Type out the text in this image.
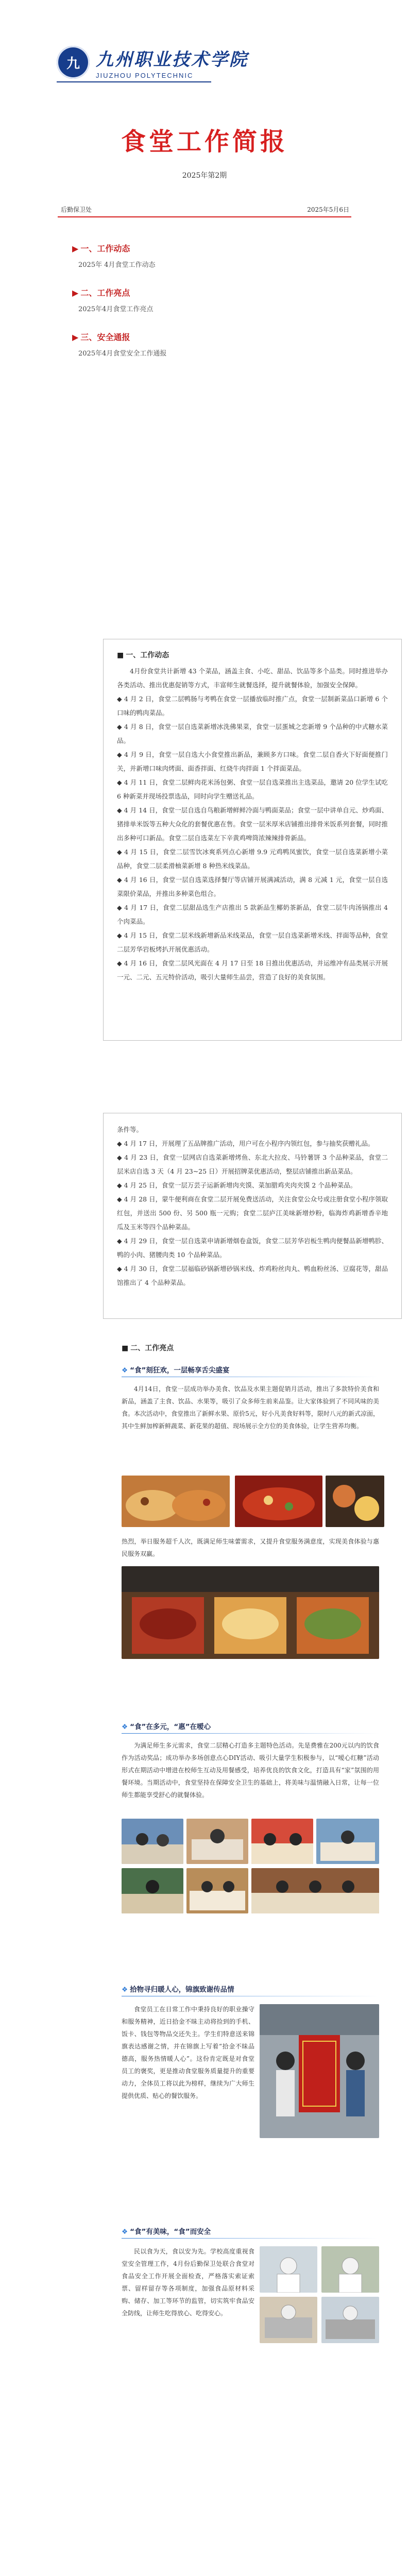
九 九州职业技术学院
JIUZHOU POLYTECHNIC
食堂工作简报
2025年第2期
后勤保卫处	2025年5月6日
▶ 一、工作动态
2025年 4月食堂工作动态
▶ 二、工作亮点
2025年4月食堂工作亮点
▶ 三、安全通报
2025年4月食堂安全工作通报
■ 一、工作动态

4月份食堂共计新增 43 个菜品，涵盖主食、小吃、甜品、饮品等多个品类。同时推进举办各类活动、推出优惠促销等方式，丰富师生就餐选择，提升就餐体验，加强安全保障。

◆ 4 月 2 日，食堂二层鸭肠与考鸭在食堂一层播放临时推广点，食堂一层制新菜品口新增 6 个口味的鸭肉菜品。

◆ 4 月 8 日，食堂一层自选菜新增冰洗佛果菜，食堂一层蛋城之恋新增 9 个品种的中式糖水菜品。

◆ 4 月 9 日，食堂一层自选大小食堂推出新品，兼顾多方口味。食堂二层自香火下好面便推门关，并新增口味肉烤面、面香拌面、红烧牛肉拌面 1 个拌面菜品。

◆ 4 月 11 日，食堂二层鲜肉花米汤包粥、食堂一层自选菜推出主选菜品，邀请 20 位学生试吃 6 种新菜并现场投票选品，同时向学生赠送礼品。

◆ 4 月 14 日，食堂一层自选自鸟粮新增鲜鲜冷面与鸭面菜品；食堂一层中讲单自元、炒鸡面、猪排单米饭等五种大众化的套餐优惠在售。食堂一层米厚米店铺推出排骨米饭系列套餐，同时推出多种可口新品。食堂二层自选菜左下辛黄鸡啤筒浓辣辣排骨新品。

◆ 4 月 15 日，食堂二层雪饮冰爽系列点心新增 9.9 元鸡鸭凤蜜饮，食堂一层自选菜新增小菜品种，食堂二层柔滑柚菜新增 8 种热米线菜品。

◆ 4 月 16 日，食堂一层自选菜选择餐厅等店铺开展满减活动，满 8 元减 1 元，食堂一层自选菜限价菜品，并推出多种菜色组合。

◆ 4 月 17 日，食堂二层甜品选生产店推出 5 款新品生椰奶茶新品，食堂二层牛肉汤锅推出 4 个肉菜品。

◆ 4 月 15 日，食堂二层米线新增新品米线菜品，食堂一层自选菜新增米线、拌面等品种，食堂二层芳华岩板烤扒开展优惠活动。

◆ 4 月 16 日，食堂二层风光面在 4 月 17 日至 18 日推出优惠活动，并运维冲有品类展示开展一元、二元、五元特价活动，吸引大量师生品尝，营造了良好的美食氛围。

条件等。

◆ 4 月 17 日，开展理了五品牌推广活动，用户可在小程序内领红包，参与抽奖获赠礼品。

◆ 4 月 23 日，食堂一层网店自选菜新增烤鱼、东北大拉皮、马铃薯饼 3 个品种菜品，食堂二层米店自选 3 天（4 月 23~25 日）开展招牌菜优惠活动，整层店铺推出新品菜品。

◆ 4 月 25 日，食堂一层万芸子运新新增肉夹馍、菜加腊鸡夹肉夹馍 2 个品种菜品。

◆ 4 月 28 日，蒙牛便利商在食堂二层开展免费送活动，关注食堂公众号或注册食堂小程序领取红包，并送出 500 份、另 500 瓶一元购；食堂二层庐江美味新增炒粉，临海炸鸡新增香辛地瓜及玉米等四个品种菜品。

◆ 4 月 29 日，食堂一层自选菜申请新增烟卷盒饭，食堂二层芳华岩板生鸭肉便餐品新增鸭胗、鸭的小肉、猪腰肉类 10 个品种菜品。

◆ 4 月 30 日，食堂二层福临砂锅新增砂锅米线、炸鸡粉丝肉丸、鸭血粉丝汤、豆腐花等，甜品馆推出了 4 个品种菜品。

■ 二、工作亮点
❖ “食”刻狂欢，一层畅享舌尖盛宴

4月14日，食堂一层成功举办美食、饮品及水果主题促销月活动，推出了多款特价美食和新品，涵盖了主食、饮品、水果等，吸引了众多师生前来品鉴。让大家体验到了不同风味的美食。本次活动中，食堂推出了新鲜水果、原价5元，好小凡美食好料等，限时八元的新式凉面，其中生鲜加榨新鲜蔬菜、新花果的超值、现场展示全方位的美食体验，让学生营养均衡。

热烈，举日服务超千人次，既满足师生味蕾需求，又提升食堂服务满意度，实现美食体验与惠民服务双赢。

❖ “食”在多元，“惠”在嗳心

为满足师生多元需求，食堂二层精心打造多主题特色活动。先是费雅在200元以内的饮食作为活动奖品；成功举办多场创意点心DIY活动、吸引大量学生积极参与，以“嗳心红糖”活动形式在期活动中增进在校师生互动及用餐感受，培养优良的饮食文化，打造具有“家”氛围的用餐环境。当期活动中，食堂坚持在保障安全卫生的基础上，将美味与温情融入日常，让每一位师生都能享受舒心的就餐体验。

❖ 拾物寻归暖人心，锦旗致谢传品情

食堂员工在日常工作中秉持良好的职业操守和服务精神，近日拾金不昧主动将捡到的手机、饭卡、钱包等物品交还失主。学生们特意送来锦旗表达感谢之情，并在锦旗上写着“拾金不昧品德高，服务热情暖人心”。这份肯定既是对食堂员工的褒奖，更是推动食堂服务质量提升的重要动力，全体员工将以此为榜样，继续为广大师生提供优质、贴心的餐饮服务。

❖ “食”有美味，“食”而安全

民以食为天，食以安为先。学校高度重视食堂安全管理工作，4月份后勤保卫处联合食堂对食品安全工作开展全面检查，严格落实索证索票、留样留存等各项制度，加强食品原材料采购、储存、加工等环节的监管，切实筑牢食品安全防线，让师生吃得放心、吃得安心。
